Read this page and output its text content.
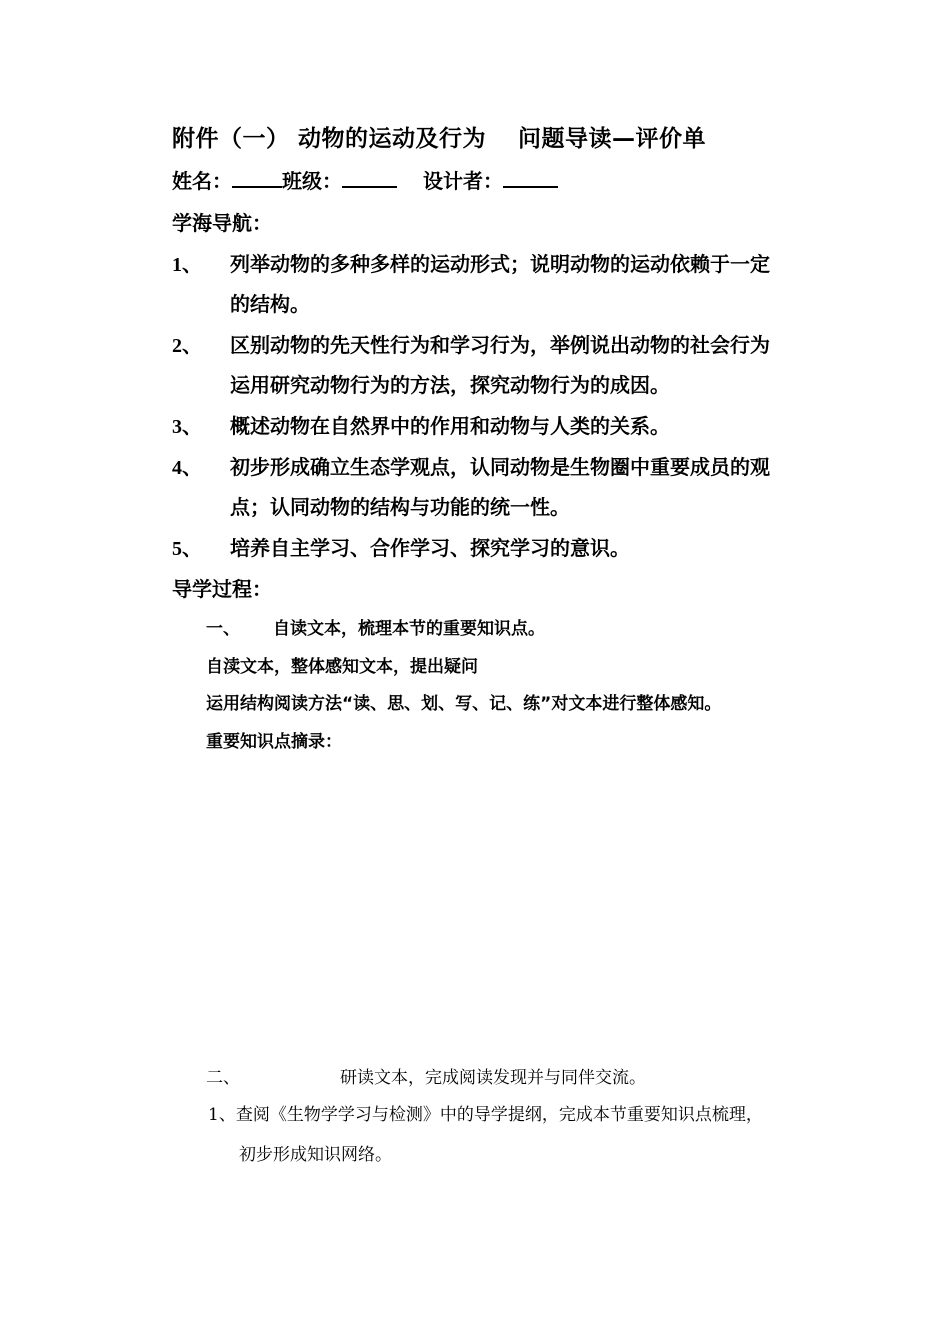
附件（一） 动物的运动及行为　 问题导读—评价单
姓名：	班级：	设计者：
学海导航：
1、 列举动物的多种多样的运动形式；说明动物的运动依赖于一定
的结构。
2、 区别动物的先天性行为和学习行为，举例说出动物的社会行为
运用研究动物行为的方法，探究动物行为的成因。
3、 概述动物在自然界中的作用和动物与人类的关系。
4、 初步形成确立生态学观点，认同动物是生物圈中重要成员的观
点；认同动物的结构与功能的统一性。
5、 培养自主学习、合作学习、探究学习的意识。
导学过程：
一、 自读文本，梳理本节的重要知识点。
自渎文本，整体感知文本，提出疑问
运用结构阅读方法“读、思、划、写、记、练”对文本进行整体感知。
重要知识点摘录：
二、	研读文本，完成阅读发现并与同伴交流。
1、查阅《生物学学习与检测》中的导学提纲，完成本节重要知识点梳理，
初步形成知识网络。
